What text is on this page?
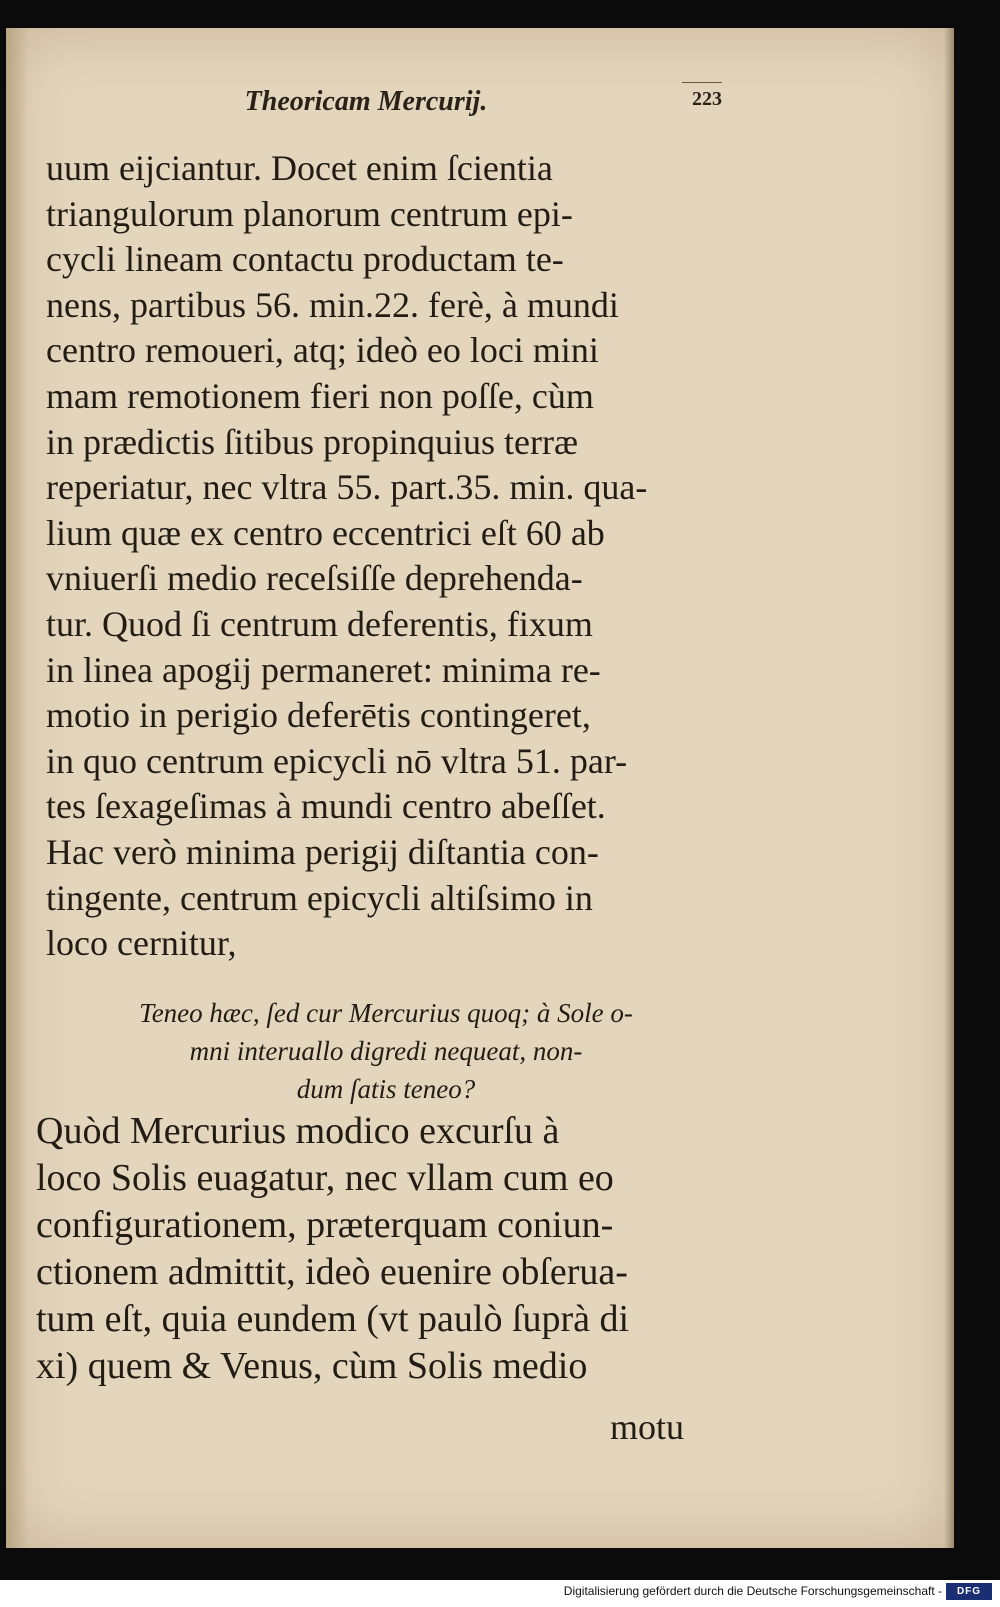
Theoricam Mercurij.	223
uum eijciantur. Docet enim ſcientia
triangulorum planorum centrum epi-
cycli lineam contactu productam te-
nens, partibus 56. min.22. ferè, à mundi
centro remoueri, atq; ideò eo loci mini
mam remotionem fieri non poſſe, cùm
in prædictis ſitibus propinquius terræ
reperiatur, nec vltra 55. part.35. min. qua-
lium quæ ex centro eccentrici eſt 60 ab
vniuerſi medio receſsiſſe deprehenda-
tur. Quod ſi centrum deferentis, fixum
in linea apogij permaneret: minima re-
motio in perigio deferētis contingeret,
in quo centrum epicycli nō vltra 51. par-
tes ſexageſimas à mundi centro abeſſet.
Hac verò minima perigij diſtantia con-
tingente, centrum epicycli altiſsimo in
loco cernitur,
Teneo hæc, ſed cur Mercurius quoq; à Sole o-
mni interuallo digredi nequeat, non-
dum ſatis teneo?
Quòd Mercurius modico excurſu à
loco Solis euagatur, nec vllam cum eo
configurationem, præterquam coniun-
ctionem admittit, ideò euenire obſerua-
tum eſt, quia eundem (vt paulò ſuprà di
xi) quem & Venus, cùm Solis medio
motu
Digitalisierung gefördert durch die Deutsche Forschungsgemeinschaft -	DFG
